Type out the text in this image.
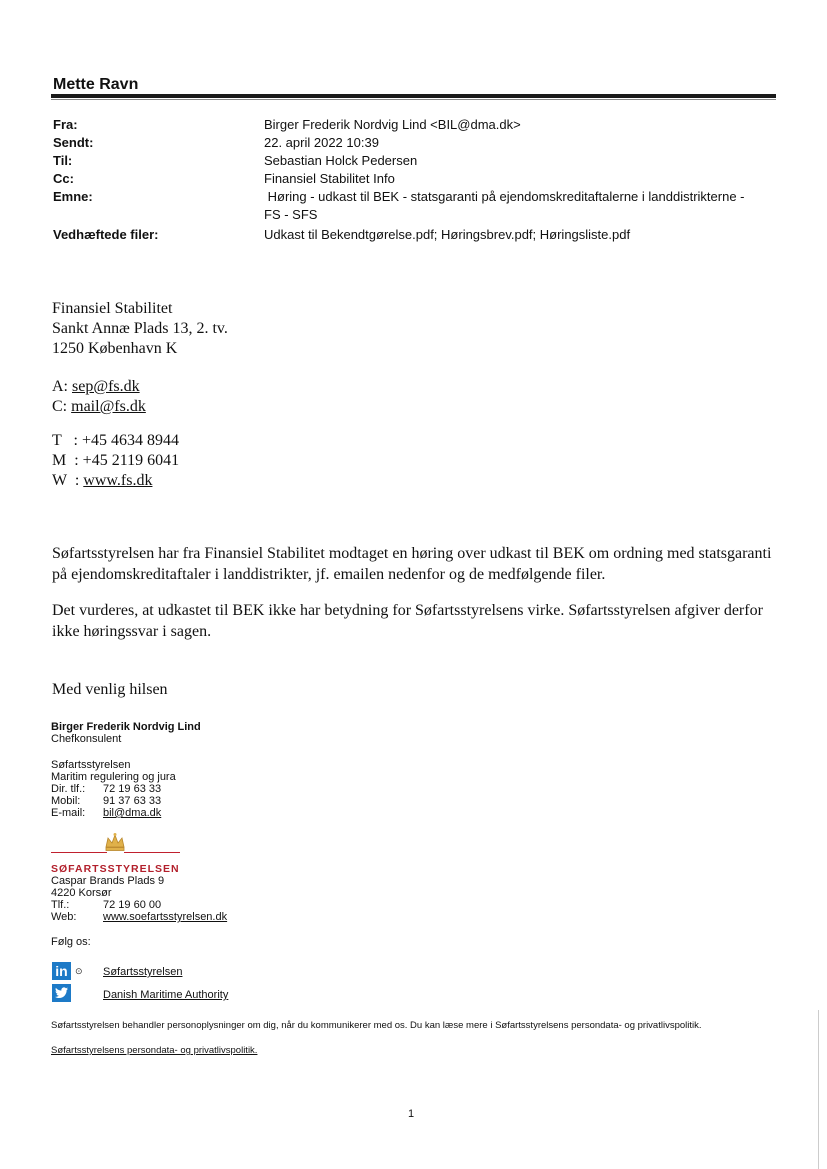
Mette Ravn
Fra:	Birger Frederik Nordvig Lind <BIL@dma.dk>
Sendt:	22. april 2022 10:39
Til:	Sebastian Holck Pedersen
Cc:	Finansiel Stabilitet Info
Emne:	Høring - udkast til BEK - statsgaranti på ejendomskreditaftalerne i landdistrikterne -
FS - SFS
Vedhæftede filer:	Udkast til Bekendtgørelse.pdf; Høringsbrev.pdf; Høringsliste.pdf
Finansiel Stabilitet
Sankt Annæ Plads 13, 2. tv.
1250 København K
A: sep@fs.dk
C: mail@fs.dk
T   : +45 4634 8944
M  : +45 2119 6041
W  : www.fs.dk
Søfartsstyrelsen har fra Finansiel Stabilitet modtaget en høring over udkast til BEK om ordning med statsgaranti på ejendomskreditaftaler i landdistrikter, jf. emailen nedenfor og de medfølgende filer.
Det vurderes, at udkastet til BEK ikke har betydning for Søfartsstyrelsens virke. Søfartsstyrelsen afgiver derfor ikke høringssvar i sagen.
Med venlig hilsen
Birger Frederik Nordvig Lind
Chefkonsulent
Søfartsstyrelsen
Maritim regulering og jura
Dir. tlf.: 72 19 63 33
Mobil: 91 37 63 33
E-mail: bil@dma.dk
SØFARTSSTYRELSEN
Caspar Brands Plads 9
4220 Korsør
Tlf.:	72 19 60 00
Web: www.soefartsstyrelsen.dk
Følg os:
in ⊙ Søfartsstyrelsen
Danish Maritime Authority
Søfartsstyrelsen behandler personoplysninger om dig, når du kommunikerer med os. Du kan læse mere i Søfartsstyrelsens persondata- og privatlivspolitik.
Søfartsstyrelsens persondata- og privatlivspolitik.
1
